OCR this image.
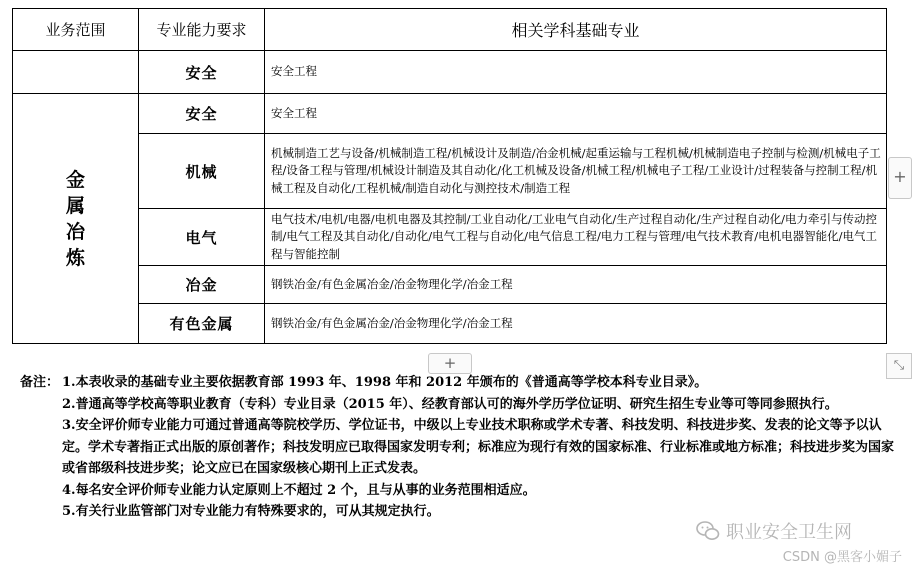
业务范围	专业能力要求	相关学科基础专业
	安全	安全工程

金属冶炼	安全	安全工程
	机械	机械制造工艺与设备/机械制造工程/机械设计及制造/冶金机械/起重运输与工程机械/机械制造电子控制与检测/机械电子工程/设备工程与管理/机械设计制造及其自动化/化工机械及设备/机械工程/机械电子工程/工业设计/过程装备与控制工程/机械工程及自动化/工程机械/制造自动化与测控技术/制造工程
	电气	电气技术/电机/电器/电机电器及其控制/工业自动化/工业电气自动化/生产过程自动化/生产过程自动化/电力牵引与传动控制/电气工程及其自动化/自动化/电气工程与自动化/电气信息工程/电力工程与管理/电气技术教育/电机电器智能化/电气工程与智能控制
	冶金	钢铁冶金/有色金属冶金/冶金物理化学/冶金工程
	有色金属	钢铁冶金/有色金属冶金/冶金物理化学/冶金工程
+
+	⤡
备注： 1.本表收录的基础专业主要依据教育部 1993 年、1998 年和 2012 年颁布的《普通高等学校本科专业目录》。
2.普通高等学校高等职业教育（专科）专业目录（2015 年）、经教育部认可的海外学历学位证明、研究生招生专业等可等同参照执行。
3.安全评价师专业能力可通过普通高等院校学历、学位证书，中级以上专业技术职称或学术专著、科技发明、科技进步奖、发表的论文等予以认定。学术专著指正式出版的原创著作；科技发明应已取得国家发明专利；标准应为现行有效的国家标准、行业标准或地方标准；科技进步奖为国家或省部级科技进步奖；论文应已在国家级核心期刊上正式发表。
4.每名安全评价师专业能力认定原则上不超过 2 个，且与从事的业务范围相适应。
5.有关行业监管部门对专业能力有特殊要求的，可从其规定执行。
职业安全卫生网
CSDN @黑客小媚子
